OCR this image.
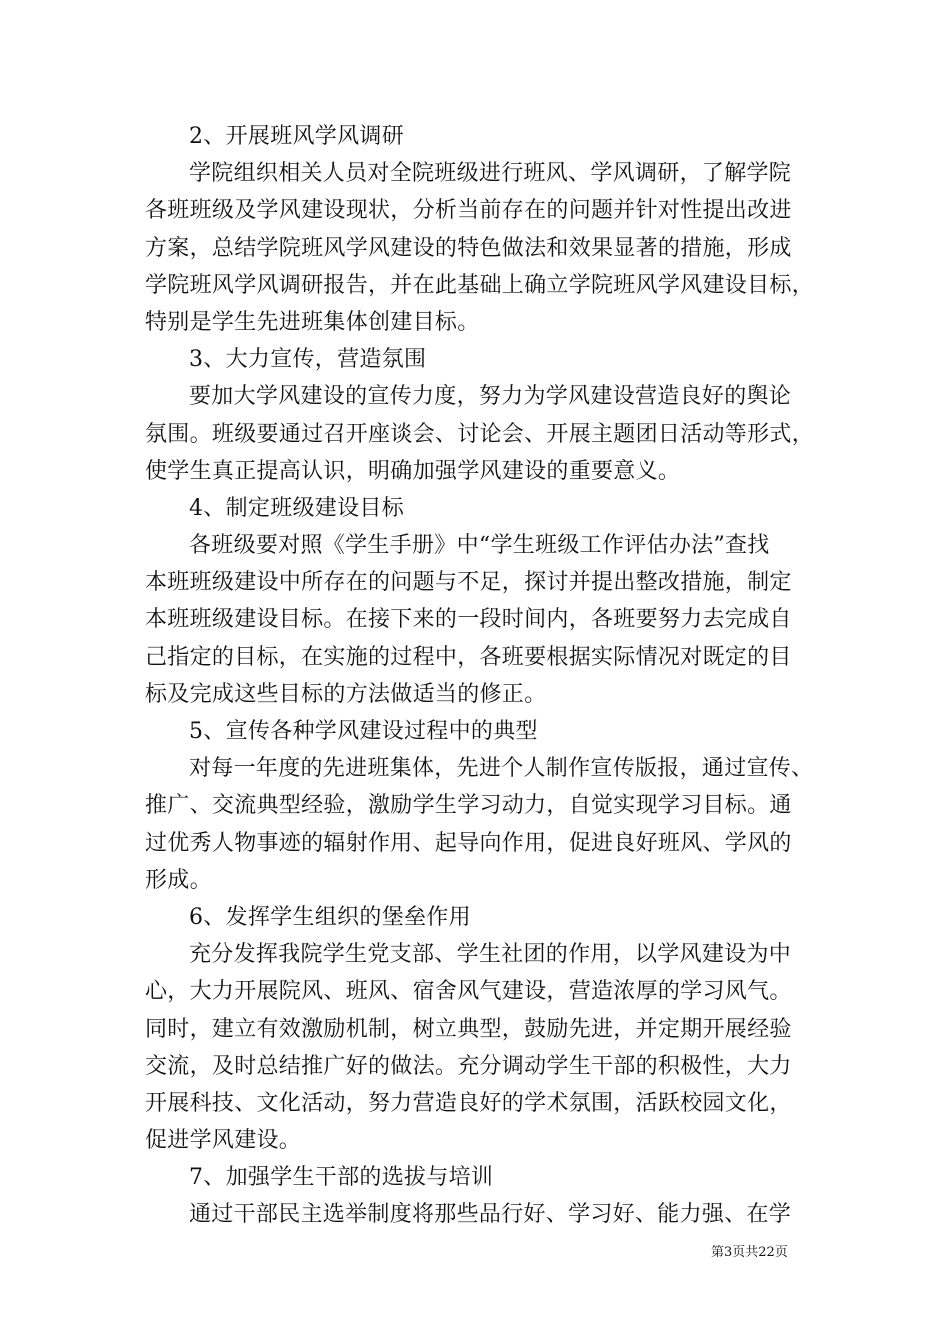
2、开展班风学风调研
学院组织相关人员对全院班级进行班风、学风调研，了解学院
各班班级及学风建设现状，分析当前存在的问题并针对性提出改进
方案，总结学院班风学风建设的特色做法和效果显著的措施，形成
学院班风学风调研报告，并在此基础上确立学院班风学风建设目标，
特别是学生先进班集体创建目标。
3、大力宣传，营造氛围
要加大学风建设的宣传力度，努力为学风建设营造良好的舆论
氛围。班级要通过召开座谈会、讨论会、开展主题团日活动等形式，
使学生真正提高认识，明确加强学风建设的重要意义。
4、制定班级建设目标
各班级要对照《学生手册》中“学生班级工作评估办法”查找
本班班级建设中所存在的问题与不足，探讨并提出整改措施，制定
本班班级建设目标。在接下来的一段时间内，各班要努力去完成自
己指定的目标，在实施的过程中，各班要根据实际情况对既定的目
标及完成这些目标的方法做适当的修正。
5、宣传各种学风建设过程中的典型
对每一年度的先进班集体，先进个人制作宣传版报，通过宣传、
推广、交流典型经验，激励学生学习动力，自觉实现学习目标。通
过优秀人物事迹的辐射作用、起导向作用，促进良好班风、学风的
形成。
6、发挥学生组织的堡垒作用
充分发挥我院学生党支部、学生社团的作用，以学风建设为中
心，大力开展院风、班风、宿舍风气建设，营造浓厚的学习风气。
同时，建立有效激励机制，树立典型，鼓励先进，并定期开展经验
交流，及时总结推广好的做法。充分调动学生干部的积极性，大力
开展科技、文化活动，努力营造良好的学术氛围，活跃校园文化，
促进学风建设。
7、加强学生干部的选拔与培训
通过干部民主选举制度将那些品行好、学习好、能力强、在学
第3页共22页
